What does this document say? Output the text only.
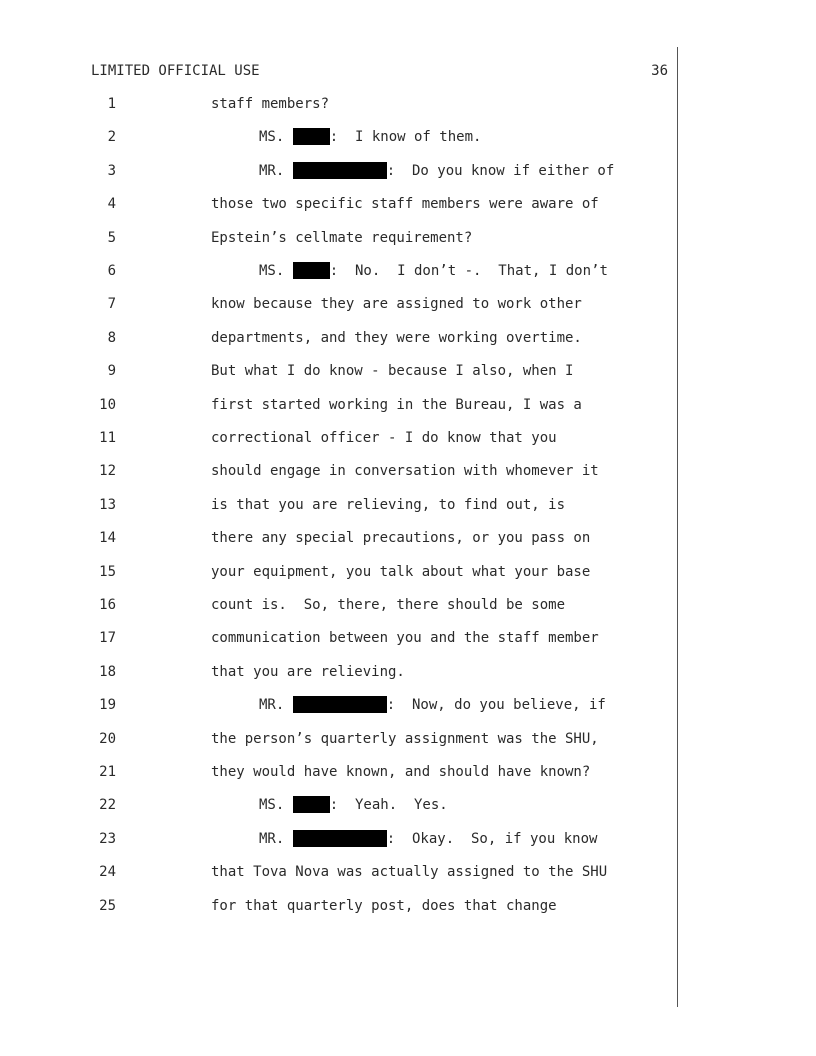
LIMITED OFFICIAL USE	36
1	staff members?
2	MS.	:  I know of them.
3	MR.	:  Do you know if either of
4	those two specific staff members were aware of
5	Epstein’s cellmate requirement?
6	MS.	:  No.  I don’t -.  That, I don’t
7	know because they are assigned to work other
8	departments, and they were working overtime.
9	But what I do know - because I also, when I
10	first started working in the Bureau, I was a
11	correctional officer - I do know that you
12	should engage in conversation with whomever it
13	is that you are relieving, to find out, is
14	there any special precautions, or you pass on
15	your equipment, you talk about what your base
16	count is.  So, there, there should be some
17	communication between you and the staff member
18	that you are relieving.
19	MR.	:  Now, do you believe, if
20	the person’s quarterly assignment was the SHU,
21	they would have known, and should have known?
22	MS.	:  Yeah.  Yes.
23	MR.	:  Okay.  So, if you know
24	that Tova Nova was actually assigned to the SHU
25	for that quarterly post, does that change
